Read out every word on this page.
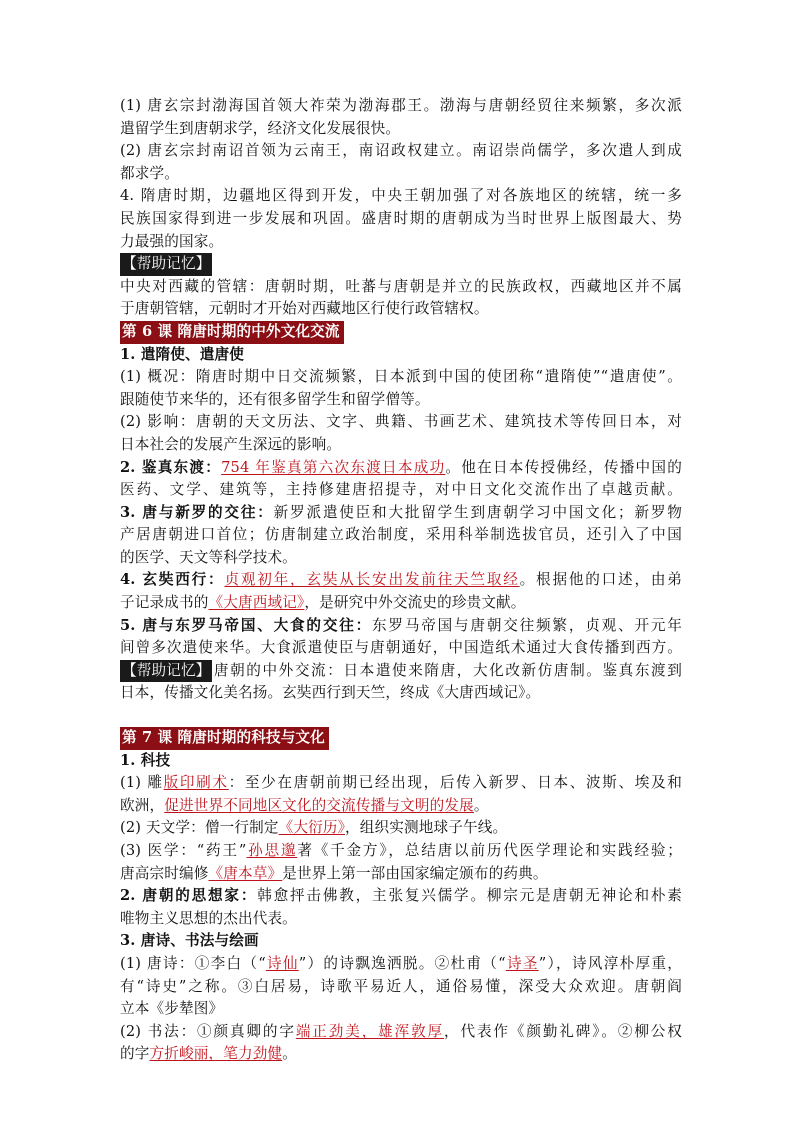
(1) 唐玄宗封渤海国首领大祚荣为渤海郡王。渤海与唐朝经贸往来频繁，多次派
遣留学生到唐朝求学，经济文化发展很快。
(2) 唐玄宗封南诏首领为云南王，南诏政权建立。南诏崇尚儒学，多次遣人到成
都求学。
4. 隋唐时期，边疆地区得到开发，中央王朝加强了对各族地区的统辖，统一多
民族国家得到进一步发展和巩固。盛唐时期的唐朝成为当时世界上版图最大、势
力最强的国家。
【帮助记忆】
中央对西藏的管辖：唐朝时期，吐蕃与唐朝是并立的民族政权，西藏地区并不属
于唐朝管辖，元朝时才开始对西藏地区行使行政管辖权。
第 6 课 隋唐时期的中外文化交流
1. 遣隋使、遣唐使
(1) 概况：隋唐时期中日交流频繁，日本派到中国的使团称“遣隋使”“遣唐使”。
跟随使节来华的，还有很多留学生和留学僧等。
(2) 影响：唐朝的天文历法、文字、典籍、书画艺术、建筑技术等传回日本，对
日本社会的发展产生深远的影响。
2. 鉴真东渡：754 年鉴真第六次东渡日本成功。他在日本传授佛经，传播中国的
医药、文学、建筑等，主持修建唐招提寺，对中日文化交流作出了卓越贡献。
3. 唐与新罗的交往：新罗派遣使臣和大批留学生到唐朝学习中国文化；新罗物
产居唐朝进口首位；仿唐制建立政治制度，采用科举制选拔官员，还引入了中国
的医学、天文等科学技术。
4. 玄奘西行：贞观初年，玄奘从长安出发前往天竺取经。根据他的口述，由弟
子记录成书的《大唐西域记》，是研究中外交流史的珍贵文献。
5. 唐与东罗马帝国、大食的交往：东罗马帝国与唐朝交往频繁，贞观、开元年
间曾多次遣使来华。大食派遣使臣与唐朝通好，中国造纸术通过大食传播到西方。
【帮助记忆】 唐朝的中外交流：日本遣使来隋唐，大化改新仿唐制。鉴真东渡到
日本，传播文化美名扬。玄奘西行到天竺，终成《大唐西域记》。
第 7 课 隋唐时期的科技与文化
1. 科技
(1) 雕版印刷术：至少在唐朝前期已经出现，后传入新罗、日本、波斯、埃及和
欧洲，促进世界不同地区文化的交流传播与文明的发展。
(2) 天文学：僧一行制定《大衍历》，组织实测地球子午线。
(3) 医学：“药王”孙思邈著《千金方》，总结唐以前历代医学理论和实践经验；
唐高宗时编修《唐本草》是世界上第一部由国家编定颁布的药典。
2. 唐朝的思想家：韩愈抨击佛教，主张复兴儒学。柳宗元是唐朝无神论和朴素
唯物主义思想的杰出代表。
3. 唐诗、书法与绘画
(1) 唐诗：①李白（“诗仙”）的诗飘逸洒脱。②杜甫（“诗圣”），诗风淳朴厚重，
有“诗史”之称。③白居易，诗歌平易近人，通俗易懂，深受大众欢迎。唐朝阎
立本《步辇图》
(2) 书法：①颜真卿的字端正劲美，雄浑敦厚，代表作《颜勤礼碑》。②柳公权
的字方折峻丽，笔力劲健。
